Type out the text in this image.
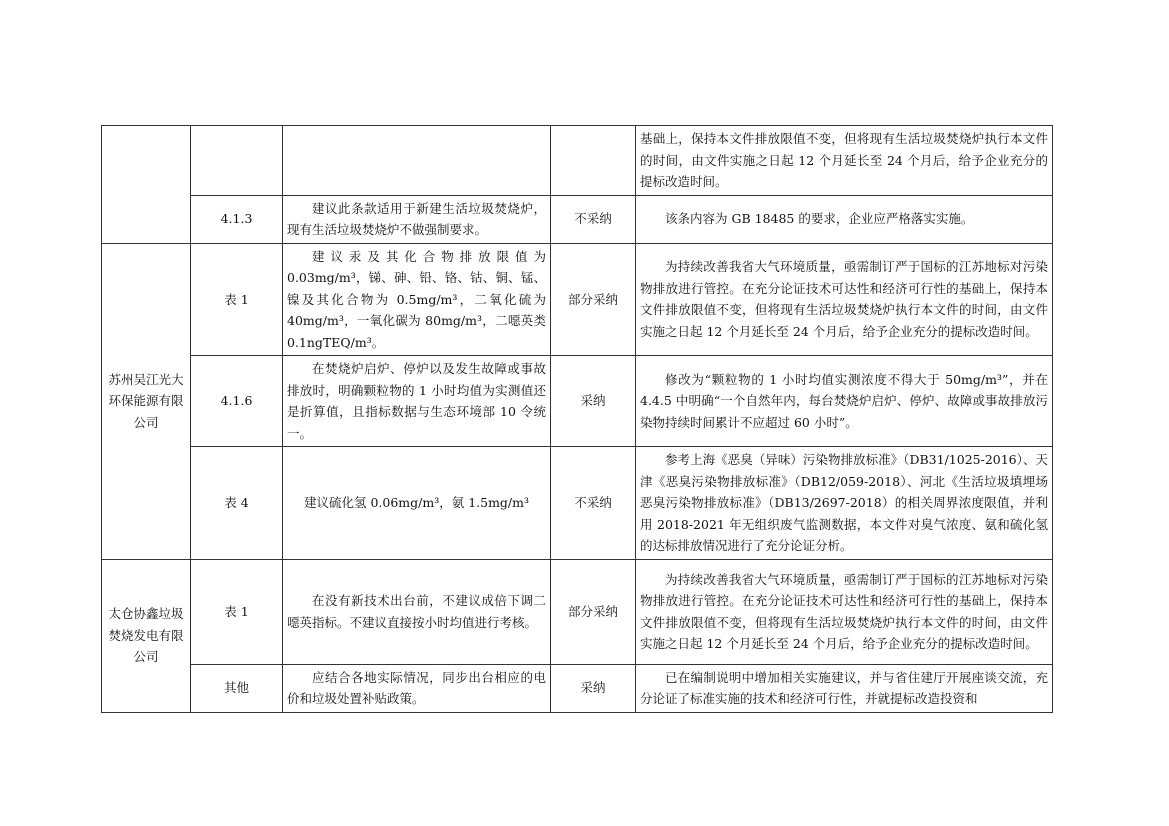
				基础上，保持本文件排放限值不变，但将现有生活垃圾焚烧炉执行本文件的时间，由文件实施之日起 12 个月延长至 24 个月后，给予企业充分的提标改造时间。
	4.1.3	建议此条款适用于新建生活垃圾焚烧炉，现有生活垃圾焚烧炉不做强制要求。	不采纳	该条内容为 GB 18485 的要求，企业应严格落实实施。
苏州吴江光大环保能源有限公司	表 1	建议汞及其化合物排放限值为0.03mg/m³，锑、砷、铅、铬、钴、铜、锰、镍及其化合物为 0.5mg/m³，二氧化硫为40mg/m³，一氧化碳为 80mg/m³，二噁英类0.1ngTEQ/m³。	部分采纳	为持续改善我省大气环境质量，亟需制订严于国标的江苏地标对污染物排放进行管控。在充分论证技术可达性和经济可行性的基础上，保持本文件排放限值不变，但将现有生活垃圾焚烧炉执行本文件的时间，由文件实施之日起 12 个月延长至 24 个月后，给予企业充分的提标改造时间。
	4.1.6	在焚烧炉启炉、停炉以及发生故障或事故排放时，明确颗粒物的 1 小时均值为实测值还是折算值，且指标数据与生态环境部 10 令统一。	采纳	修改为“颗粒物的 1 小时均值实测浓度不得大于 50mg/m³”，并在 4.4.5 中明确“一个自然年内，每台焚烧炉启炉、停炉、故障或事故排放污染物持续时间累计不应超过 60 小时”。
	表 4	建议硫化氢 0.06mg/m³，氨 1.5mg/m³	不采纳	参考上海《恶臭（异味）污染物排放标准》（DB31/1025-2016）、天津《恶臭污染物排放标准》（DB12/059-2018）、河北《生活垃圾填埋场恶臭污染物排放标准》（DB13/2697-2018）的相关周界浓度限值，并利用 2018-2021 年无组织废气监测数据，本文件对臭气浓度、氨和硫化氢的达标排放情况进行了充分论证分析。
太仓协鑫垃圾焚烧发电有限公司	表 1	在没有新技术出台前，不建议成倍下调二噁英指标。不建议直接按小时均值进行考核。	部分采纳	为持续改善我省大气环境质量，亟需制订严于国标的江苏地标对污染物排放进行管控。在充分论证技术可达性和经济可行性的基础上，保持本文件排放限值不变，但将现有生活垃圾焚烧炉执行本文件的时间，由文件实施之日起 12 个月延长至 24 个月后，给予企业充分的提标改造时间。
	其他	应结合各地实际情况，同步出台相应的电价和垃圾处置补贴政策。	采纳	已在编制说明中增加相关实施建议，并与省住建厅开展座谈交流，充分论证了标准实施的技术和经济可行性，并就提标改造投资和
